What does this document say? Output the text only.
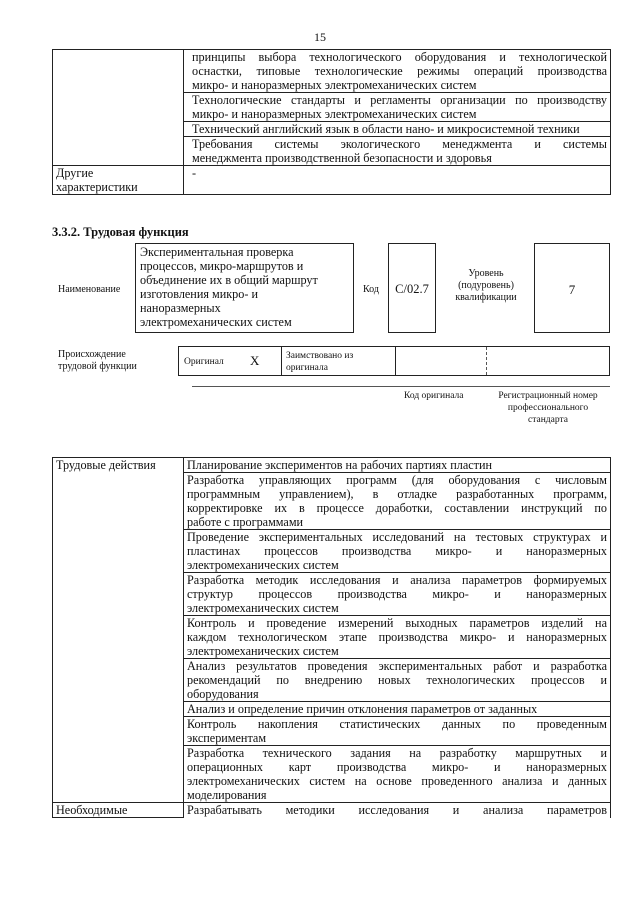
15

	принципы выбора технологического оборудования и технологической
оснастки, типовые технологические режимы операций производства
микро- и наноразмерных электромеханических систем

	Технологические стандарты и регламенты организации по производству
микро- и наноразмерных электромеханических систем

	Технический английский язык в области нано- и микросистемной техники

	Требования системы экологического менеджмента и системы
менеджмента производственной безопасности и здоровья

Другие
характеристики	-
3.3.2. Трудовая функция
Наименование
Экспериментальная проверка
процессов, микро-маршрутов и
объединение их в общий маршрут
изготовления микро- и
наноразмерных
электромеханических систем
Код	C/02.7
Уровень
(подуровень)
квалификации
7
Происхождение
трудовой функции	Оригинал X	Заимствовано из
оригинала
Код оригинала	Регистрационный номер
профессионального
стандарта
Трудовые действия	Планирование экспериментов на рабочих партиях пластин

	Разработка управляющих программ (для оборудования с числовым
программным управлением), в отладке разработанных программ,
корректировке их в процессе доработки, составлении инструкций по
работе с программами

	Проведение экспериментальных исследований на тестовых структурах и
пластинах процессов производства микро- и наноразмерных
электромеханических систем

	Разработка методик исследования и анализа параметров формируемых
структур процессов производства микро- и наноразмерных
электромеханических систем

	Контроль и проведение измерений выходных параметров изделий на
каждом технологическом этапе производства микро- и наноразмерных
электромеханических систем

	Анализ результатов проведения экспериментальных работ и разработка
рекомендаций по внедрению новых технологических процессов и
оборудования

	Анализ и определение причин отклонения параметров от заданных

	Контроль накопления статистических данных по проведенным
экспериментам

	Разработка технического задания на разработку маршрутных и
операционных карт производства микро- и наноразмерных
электромеханических систем на основе проведенного анализа и данных
моделирования

Необходимые	Разрабатывать методики исследования и анализа параметров
